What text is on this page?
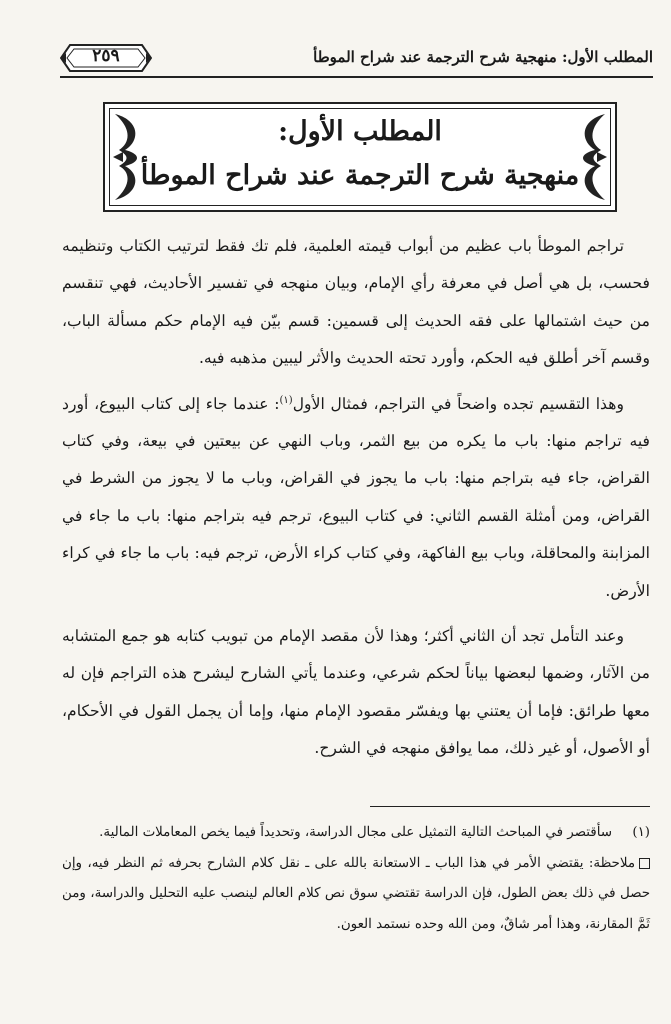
المطلب الأول: منهجية شرح الترجمة عند شراح الموطأ
٢٥٩
المطلب الأول:
منهجية شرح الترجمة عند شراح الموطأ

تراجم الموطأ باب عظيم من أبواب قيمته العلمية، فلم تك فقط لترتيب الكتاب وتنظيمه فحسب، بل هي أصل في معرفة رأي الإمام، وبيان منهجه في تفسير الأحاديث، فهي تنقسم من حيث اشتمالها على فقه الحديث إلى قسمين: قسم بيّن فيه الإمام حكم مسألة الباب، وقسم آخر أطلق فيه الحكم، وأورد تحته الحديث والأثر ليبين مذهبه فيه.

وهذا التقسيم تجده واضحاً في التراجم، فمثال الأول$^{(١)}$: عندما جاء إلى كتاب البيوع، أورد فيه تراجم منها: باب ما يكره من بيع الثمر، وباب النهي عن بيعتين في بيعة، وفي كتاب القراض، جاء فيه بتراجم منها: باب ما يجوز في القراض، وباب ما لا يجوز من الشرط في القراض، ومن أمثلة القسم الثاني: في كتاب البيوع، ترجم فيه بتراجم منها: باب ما جاء في المزابنة والمحاقلة، وباب بيع الفاكهة، وفي كتاب كراء الأرض، ترجم فيه: باب ما جاء في كراء الأرض.

وعند التأمل تجد أن الثاني أكثر؛ وهذا لأن مقصد الإمام من تبويب كتابه هو جمع المتشابه من الآثار، وضمها لبعضها بياناً لحكم شرعي، وعندما يأتي الشارح ليشرح هذه التراجم فإن له معها طرائق: فإما أن يعتني بها ويفسّر مقصود الإمام منها، وإما أن يجمل القول في الأحكام، أو الأصول، أو غير ذلك، مما يوافق منهجه في الشرح.

(١)
سأقتصر في المباحث التالية التمثيل على مجال الدراسة، وتحديداً فيما يخص المعاملات المالية.
ملاحظة: يقتضي الأمر في هذا الباب ـ الاستعانة بالله على ـ نقل كلام الشارح بحرفه ثم النظر فيه، وإن حصل في ذلك بعض الطول، فإن الدراسة تقتضي سوق نص كلام العالم لينصب عليه التحليل والدراسة، ومن ثَمَّ المقارنة، وهذا أمر شاقٌ، ومن الله وحده نستمد العون.
